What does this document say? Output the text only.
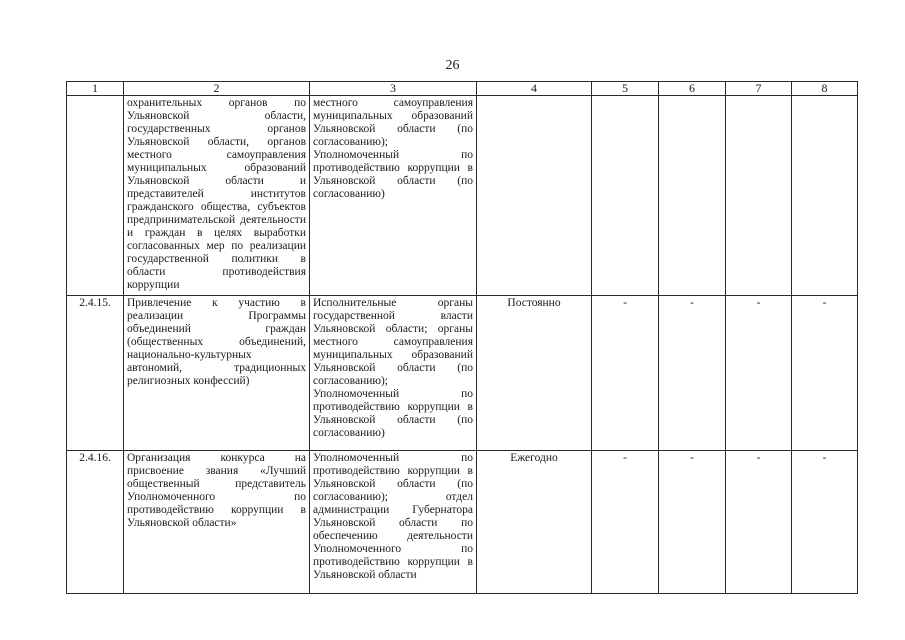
26
1	2	3	4	5	6	7	8
	охранительных органов по Ульяновской области, государственных органов Ульяновской области, органов местного самоуправления муниципальных образований Ульяновской области и представителей институтов гражданского общества, субъектов предпринимательской деятельности и граждан в целях выработки согласованных мер по реализации государственной политики в области противодействия коррупции	местного самоуправления муниципальных образований Ульяновской области (по согласованию); Уполномоченный по противодействию коррупции в Ульяновской области (по согласованию)					
2.4.15.	Привлечение к участию в реализации Программы объединений граждан (общественных объединений, национально-культурных автономий, традиционных религиозных конфессий)	Исполнительные органы государственной власти Ульяновской области; органы местного самоуправления муниципальных образований Ульяновской области (по согласованию); Уполномоченный по противодействию коррупции в Ульяновской области (по согласованию)	Постоянно	-	-	-	-
2.4.16.	Организация конкурса на присвоение звания «Лучший общественный представитель Уполномоченного по противодействию коррупции в Ульяновской области»	Уполномоченный по противодействию коррупции в Ульяновской области (по согласованию); отдел администрации Губернатора Ульяновской области по обеспечению деятельности Уполномоченного по противодействию коррупции в Ульяновской области	Ежегодно	-	-	-	-
